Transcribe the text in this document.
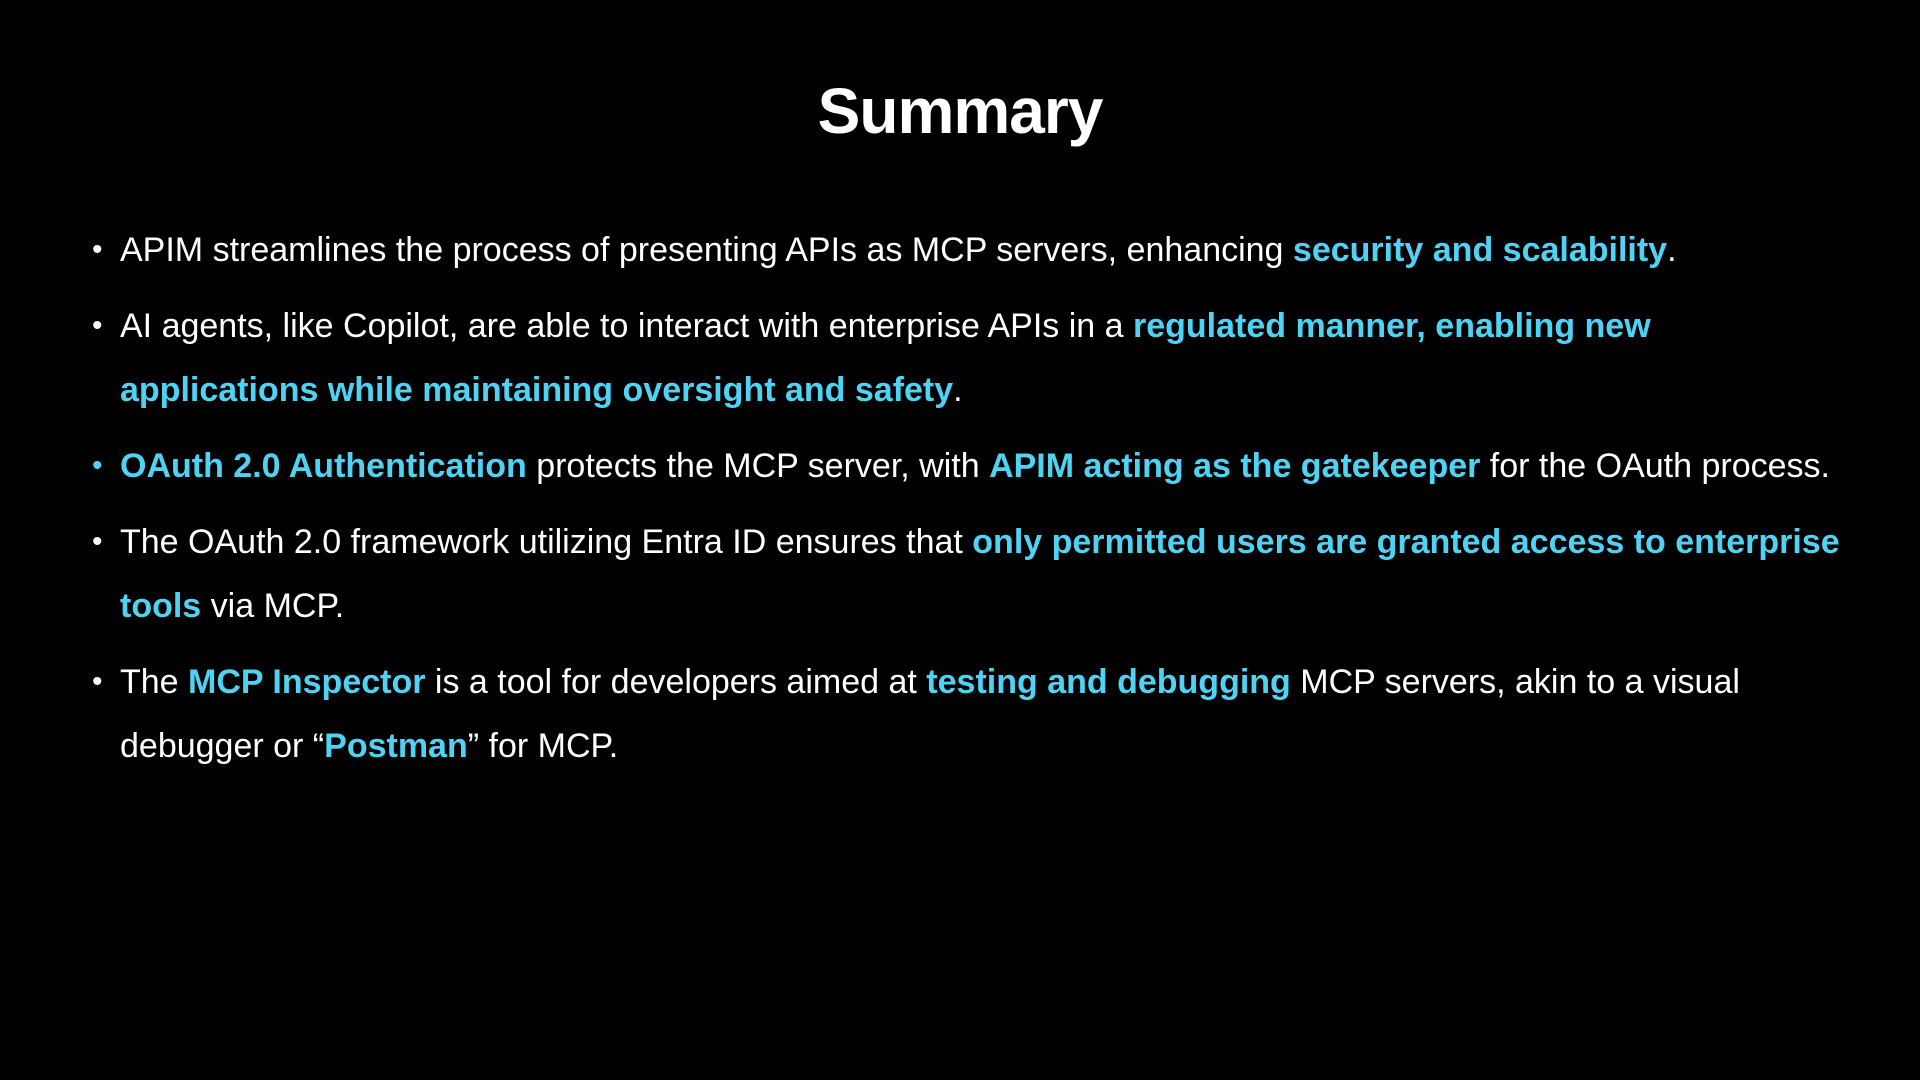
Summary
• APIM streamlines the process of presenting APIs as MCP servers, enhancing security and scalability.
• AI agents, like Copilot, are able to interact with enterprise APIs in a regulated manner, enabling new applications while maintaining oversight and safety.
• OAuth 2.0 Authentication protects the MCP server, with APIM acting as the gatekeeper for the OAuth process.
• The OAuth 2.0 framework utilizing Entra ID ensures that only permitted users are granted access to enterprise tools via MCP.
• The MCP Inspector is a tool for developers aimed at testing and debugging MCP servers, akin to a visual debugger or “Postman” for MCP.
